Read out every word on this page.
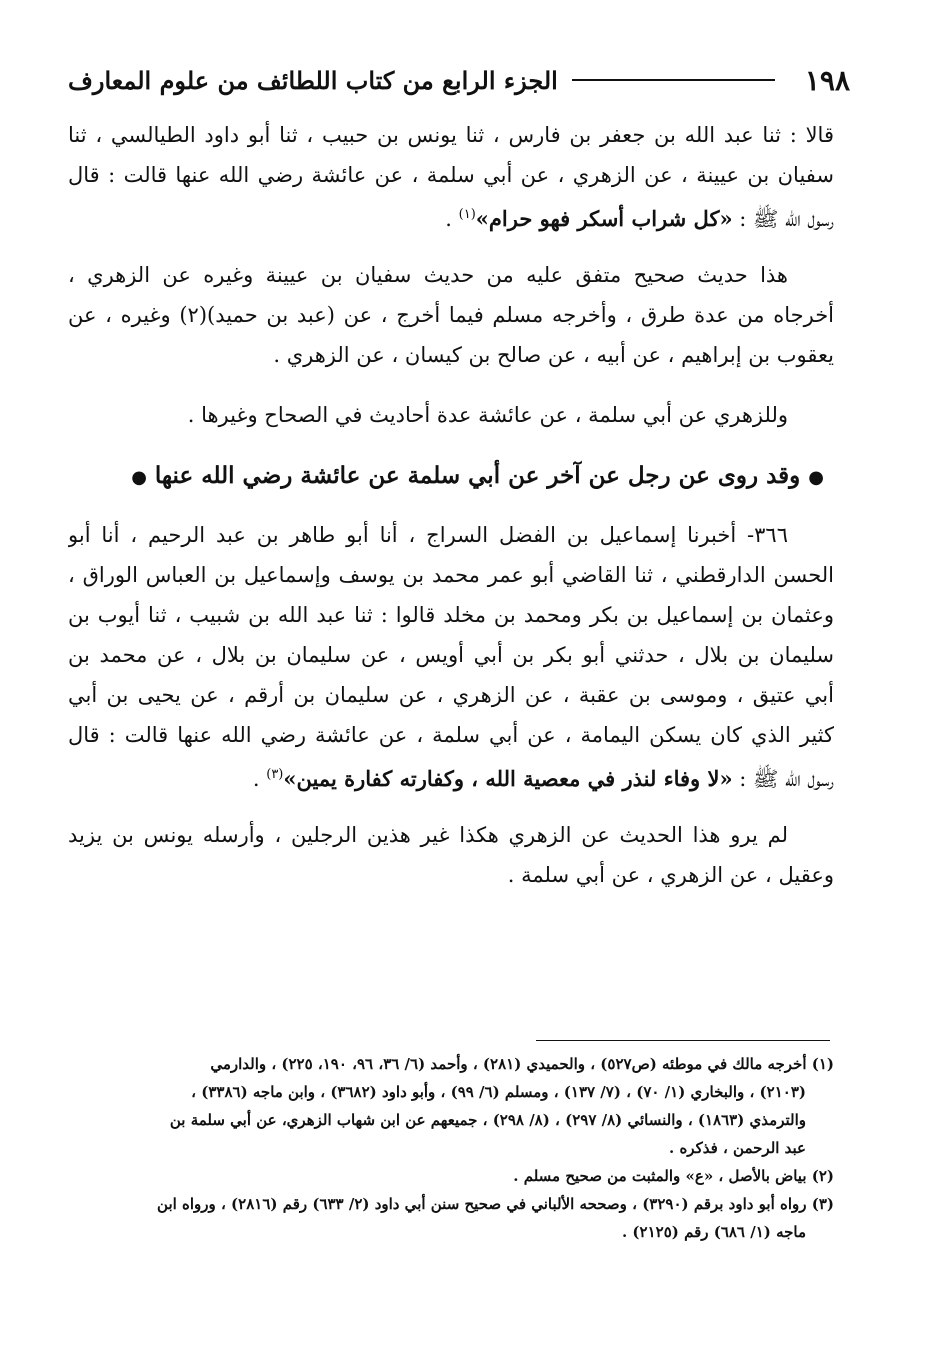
١٩٨
الجزء الرابع من كتاب اللطائف من علوم المعارف
قالا : ثنا عبد الله بن جعفر بن فارس ، ثنا يونس بن حبيب ، ثنا أبو داود الطيالسي ، ثنا
سفيان بن عيينة ، عن الزهري ، عن أبي سلمة ، عن عائشة رضي الله عنها قالت : قال
رسول الله ﷺ : «كل شراب أسكر فهو حرام»$^{(١)}$ .
هذا حديث صحيح متفق عليه من حديث سفيان بن عيينة وغيره عن الزهري ،
أخرجاه من عدة طرق ، وأخرجه مسلم فيما أخرج ، عن (عبد بن حميد)(٢) وغيره ، عن
يعقوب بن إبراهيم ، عن أبيه ، عن صالح بن كيسان ، عن الزهري .
وللزهري عن أبي سلمة ، عن عائشة عدة أحاديث في الصحاح وغيرها .
● وقد روى عن رجل عن آخر عن أبي سلمة عن عائشة رضي الله عنها ●
٣٦٦- أخبرنا إسماعيل بن الفضل السراج ، أنا أبو طاهر بن عبد الرحيم ، أنا أبو
الحسن الدارقطني ، ثنا القاضي أبو عمر محمد بن يوسف وإسماعيل بن العباس الوراق ،
وعثمان بن إسماعيل بن بكر ومحمد بن مخلد قالوا : ثنا عبد الله بن شبيب ، ثنا أيوب بن
سليمان بن بلال ، حدثني أبو بكر بن أبي أويس ، عن سليمان بن بلال ، عن محمد بن
أبي عتيق ، وموسى بن عقبة ، عن الزهري ، عن سليمان بن أرقم ، عن يحيى بن أبي
كثير الذي كان يسكن اليمامة ، عن أبي سلمة ، عن عائشة رضي الله عنها قالت : قال
رسول الله ﷺ : «لا وفاء لنذر في معصية الله ، وكفارته كفارة يمين»$^{(٣)}$ .
لم يرو هذا الحديث عن الزهري هكذا غير هذين الرجلين ، وأرسله يونس بن يزيد
وعقيل ، عن الزهري ، عن أبي سلمة .
(١) أخرجه مالك في موطئه (ص٥٢٧) ، والحميدي (٢٨١) ، وأحمد (٦/ ٣٦، ٩٦، ١٩٠، ٢٢٥) ، والدارمي
(٢١٠٣) ، والبخاري (١/ ٧٠) ، (٧/ ١٣٧) ، ومسلم (٦/ ٩٩) ، وأبو داود (٣٦٨٢) ، وابن ماجه (٣٣٨٦) ،
والترمذي (١٨٦٣) ، والنسائي (٨/ ٢٩٧) ، (٨/ ٢٩٨) ، جميعهم عن ابن شهاب الزهري، عن أبي سلمة بن
عبد الرحمن ، فذكره .
(٢) بياض بالأصل ، «ع» والمثبت من صحيح مسلم .
(٣) رواه أبو داود برقم (٣٢٩٠) ، وصححه الألباني في صحيح سنن أبي داود (٢/ ٦٣٣) رقم (٢٨١٦) ، ورواه ابن
ماجه (١/ ٦٨٦) رقم (٢١٢٥) .
